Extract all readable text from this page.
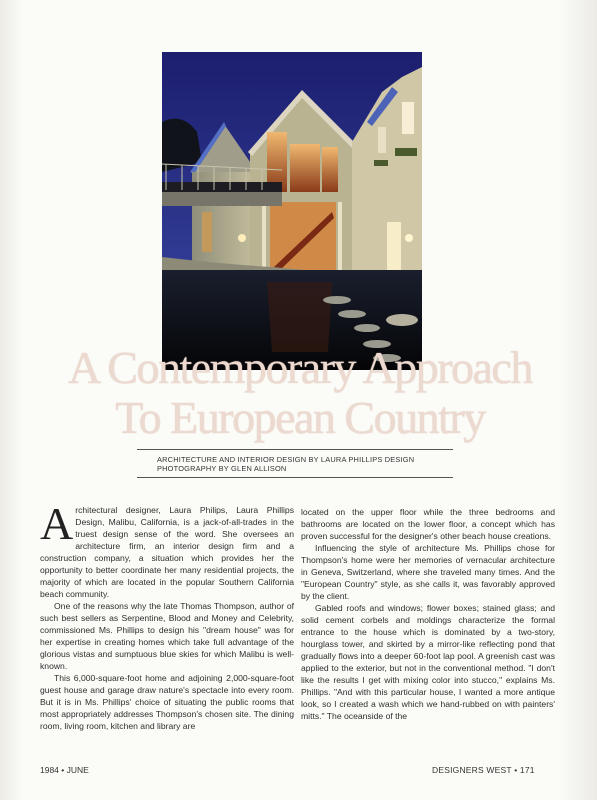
A Contemporary Approach
To European Country
ARCHITECTURE AND INTERIOR DESIGN BY LAURA PHILLIPS DESIGN
PHOTOGRAPHY BY GLEN ALLISON

Architectural designer, Laura Philips, Laura Phillips Design, Malibu, California, is a jack-of-all-trades in the truest design sense of the word. She oversees an architecture firm, an interior design firm and a construction company, a situation which provides her the opportunity to better coordinate her many residential projects, the majority of which are located in the popular Southern California beach community.

One of the reasons why the late Thomas Thompson, author of such best sellers as Serpentine, Blood and Money and Celebrity, commissioned Ms. Phillips to design his "dream house" was for her expertise in creating homes which take full advantage of the glorious vistas and sumptuous blue skies for which Malibu is well-known.

This 6,000-square-foot home and adjoining 2,000-square-foot guest house and garage draw nature's spectacle into every room. But it is in Ms. Phillips' choice of situating the public rooms that most appropriately addresses Thompson's chosen site. The dining room, living room, kitchen and library are

located on the upper floor while the three bedrooms and bathrooms are located on the lower floor, a concept which has proven successful for the designer's other beach house creations.

Influencing the style of architecture Ms. Phillips chose for Thompson's home were her memories of vernacular architecture in Geneva, Switzerland, where she traveled many times. And the "European Country" style, as she calls it, was favorably approved by the client.

Gabled roofs and windows; flower boxes; stained glass; and solid cement corbels and moldings characterize the formal entrance to the house which is dominated by a two-story, hourglass tower, and skirted by a mirror-like reflecting pond that gradually flows into a deeper 60-foot lap pool. A greenish cast was applied to the exterior, but not in the conventional method. "I don't like the results I get with mixing color into stucco," explains Ms. Phillips. "And with this particular house, I wanted a more antique look, so I created a wash which we hand-rubbed on with painters' mitts." The oceanside of the

1984 • JUNE	DESIGNERS WEST • 171
